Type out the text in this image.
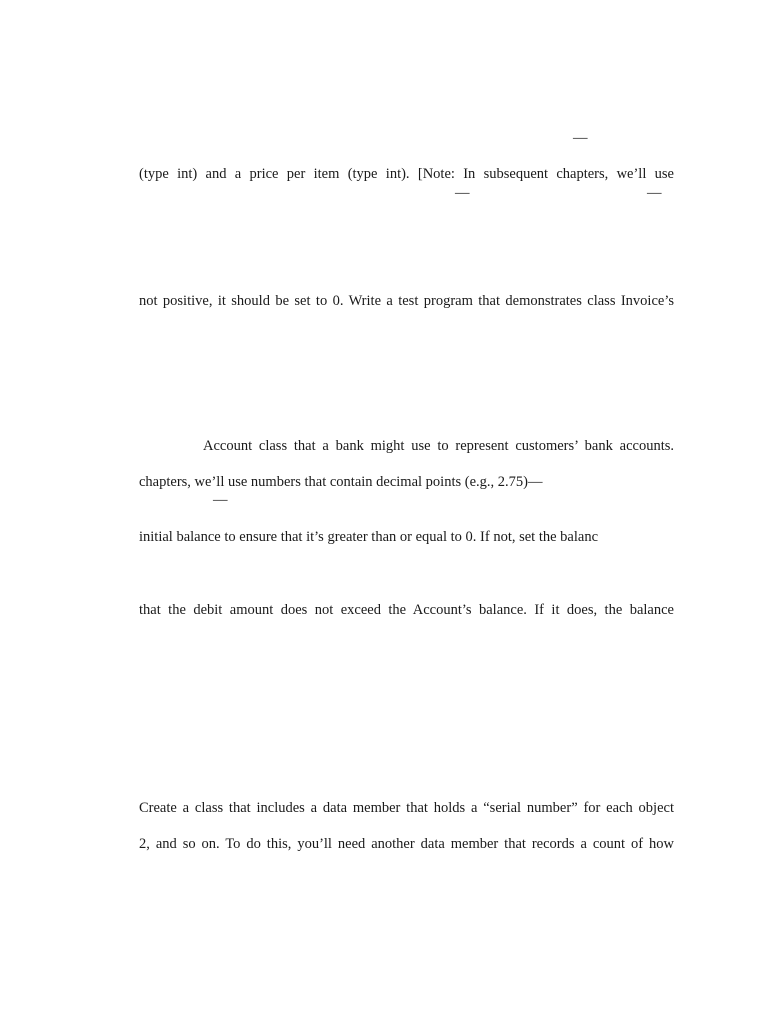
—
(type int) and a price per item (type int). [Note: In subsequent chapters, we’ll use
—	—
not positive, it should be set to 0. Write a test program that demonstrates class Invoice’s
Account class that a bank might use to represent customers’ bank accounts.
chapters, we’ll use numbers that contain decimal points (e.g., 2.75)—
—
initial balance to ensure that it’s greater than or equal to 0. If not, set the balanc
that the debit amount does not exceed the Account’s balance. If it does, the balance
Create a class that includes a data member that holds a “serial number” for each object
2, and so on. To do this, you’ll need another data member that records a count of how
